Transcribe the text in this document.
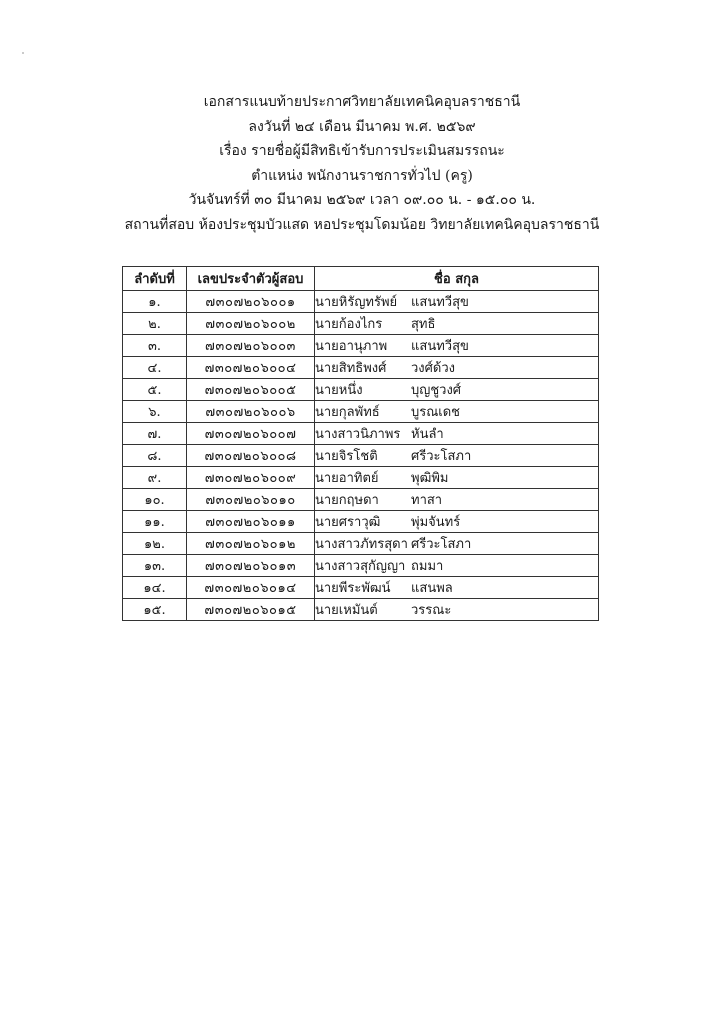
เอกสารแนบท้ายประกาศวิทยาลัยเทคนิคอุบลราชธานี
ลงวันที่ ๒๔ เดือน มีนาคม พ.ศ. ๒๕๖๙
เรื่อง รายชื่อผู้มีสิทธิเข้ารับการประเมินสมรรถนะ
ตำแหน่ง พนักงานราชการทั่วไป (ครู)
วันจันทร์ที่ ๓๐ มีนาคม ๒๕๖๙ เวลา ๐๙.๐๐ น. - ๑๕.๐๐ น.
สถานที่สอบ ห้องประชุมบัวแสด หอประชุมโดมน้อย วิทยาลัยเทคนิคอุบลราชธานี
ลำดับที่	เลขประจำตัวผู้สอบ	ชื่อ สกุล
๑.	๗๓๐๗๒๐๖๐๐๑	นายหิรัญทรัพย์ แสนทวีสุข
๒.	๗๓๐๗๒๐๖๐๐๒	นายก้องไกร สุทธิ
๓.	๗๓๐๗๒๐๖๐๐๓	นายอานุภาพ แสนทวีสุข
๔.	๗๓๐๗๒๐๖๐๐๔	นายสิทธิพงศ์ วงศ์ด้วง
๕.	๗๓๐๗๒๐๖๐๐๕	นายหนึ่ง บุญชูวงศ์
๖.	๗๓๐๗๒๐๖๐๐๖	นายกุลพัทธ์ บูรณเดช
๗.	๗๓๐๗๒๐๖๐๐๗	นางสาวนิภาพร หันลำ
๘.	๗๓๐๗๒๐๖๐๐๘	นายจิรโชติ ศรีวะโสภา
๙.	๗๓๐๗๒๐๖๐๐๙	นายอาทิตย์ พุฒิพิม
๑๐.	๗๓๐๗๒๐๖๐๑๐	นายกฤษดา ทาสา
๑๑.	๗๓๐๗๒๐๖๐๑๑	นายศราวุฒิ พุ่มจันทร์
๑๒.	๗๓๐๗๒๐๖๐๑๒	นางสาวภัทรสุดา ศรีวะโสภา
๑๓.	๗๓๐๗๒๐๖๐๑๓	นางสาวสุกัญญา ถมมา
๑๔.	๗๓๐๗๒๐๖๐๑๔	นายพีระพัฒน์ แสนพล
๑๕.	๗๓๐๗๒๐๖๐๑๕	นายเหมันต์ วรรณะ
